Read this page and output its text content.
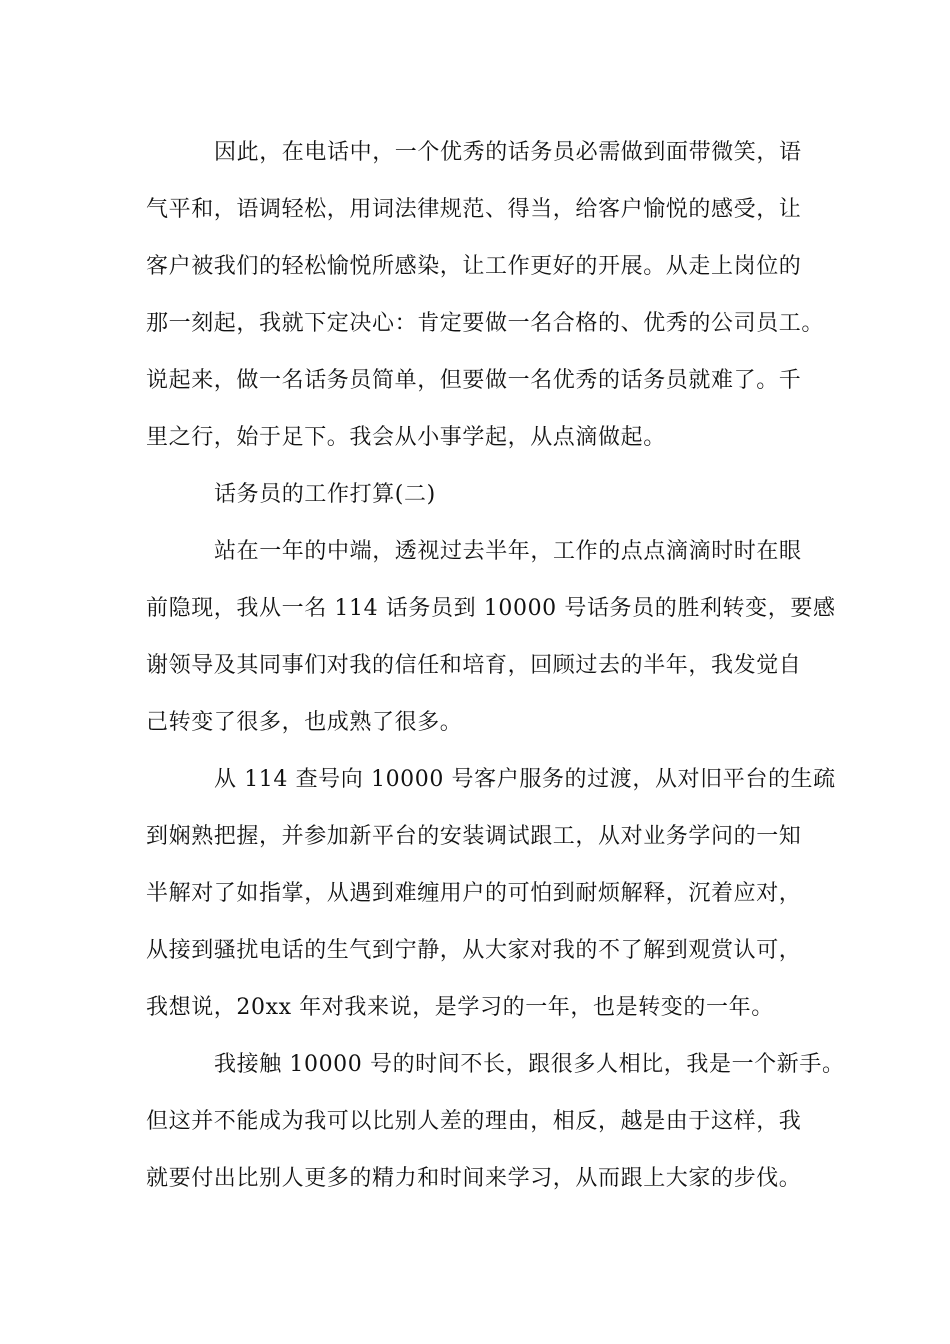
因此，在电话中，一个优秀的话务员必需做到面带微笑，语
气平和，语调轻松，用词法律规范、得当，给客户愉悦的感受，让
客户被我们的轻松愉悦所感染，让工作更好的开展。从走上岗位的
那一刻起，我就下定决心：肯定要做一名合格的、优秀的公司员工。
说起来，做一名话务员简单，但要做一名优秀的话务员就难了。千
里之行，始于足下。我会从小事学起，从点滴做起。
话务员的工作打算(二)
站在一年的中端，透视过去半年，工作的点点滴滴时时在眼
前隐现，我从一名 114 话务员到 10000 号话务员的胜利转变，要感
谢领导及其同事们对我的信任和培育，回顾过去的半年，我发觉自
己转变了很多，也成熟了很多。
从 114 查号向 10000 号客户服务的过渡，从对旧平台的生疏
到娴熟把握，并参加新平台的安装调试跟工，从对业务学问的一知
半解对了如指掌，从遇到难缠用户的可怕到耐烦解释，沉着应对，
从接到骚扰电话的生气到宁静，从大家对我的不了解到观赏认可，
我想说，20xx 年对我来说，是学习的一年，也是转变的一年。
我接触 10000 号的时间不长，跟很多人相比，我是一个新手。
但这并不能成为我可以比别人差的理由，相反，越是由于这样，我
就要付出比别人更多的精力和时间来学习，从而跟上大家的步伐。
